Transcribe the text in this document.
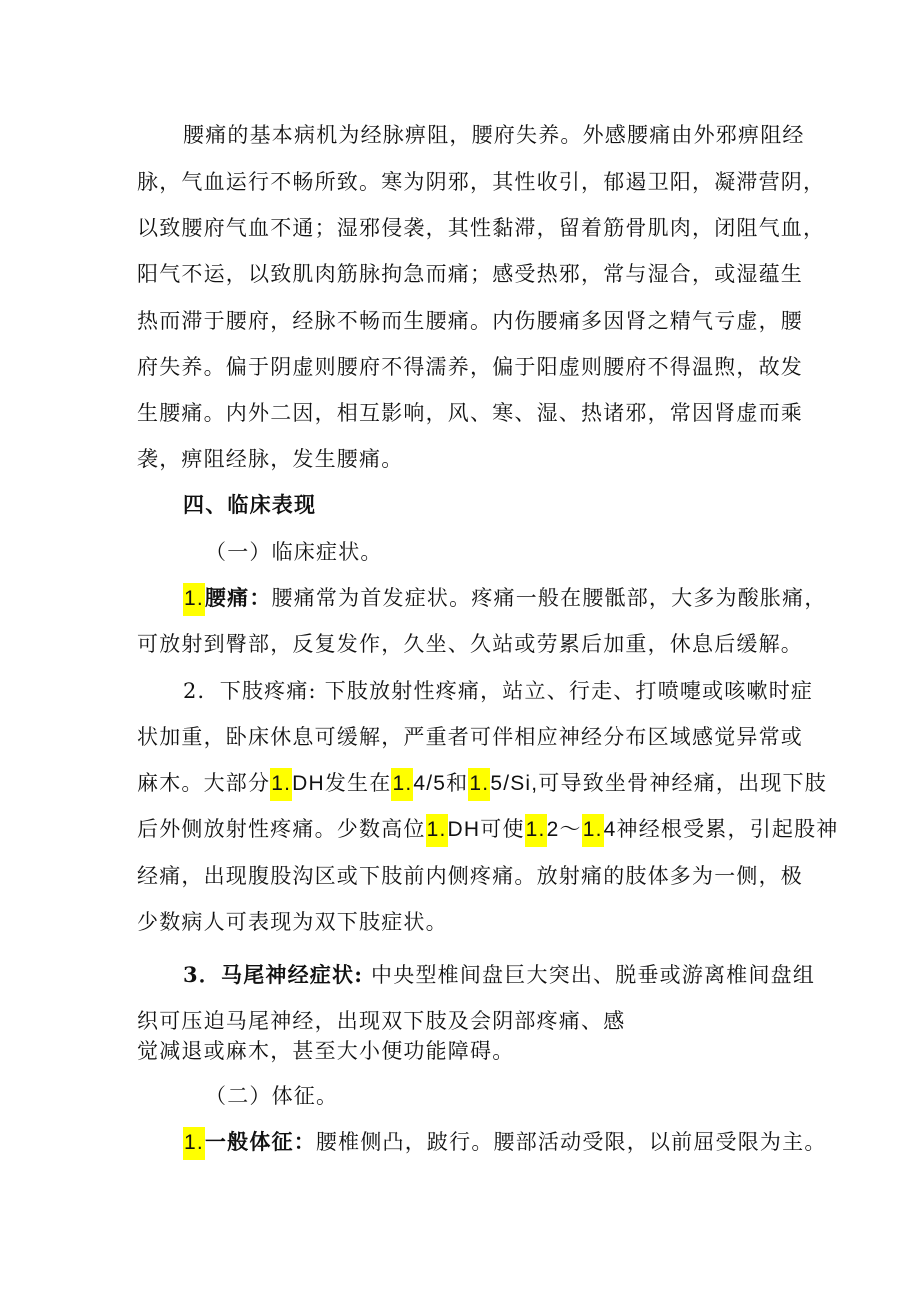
腰痛的基本病机为经脉痹阻，腰府失养。外感腰痛由外邪痹阻经
脉，气血运行不畅所致。寒为阴邪，其性收引，郁遏卫阳，凝滞营阴，
以致腰府气血不通；湿邪侵袭，其性黏滞，留着筋骨肌肉，闭阻气血，
阳气不运，以致肌肉筋脉拘急而痛；感受热邪，常与湿合，或湿蕴生
热而滞于腰府，经脉不畅而生腰痛。内伤腰痛多因肾之精气亏虚，腰
府失养。偏于阴虚则腰府不得濡养，偏于阳虚则腰府不得温煦，故发
生腰痛。内外二因，相互影响，风、寒、湿、热诸邪，常因肾虚而乘
袭，痹阻经脉，发生腰痛。
四、临床表现
（一）临床症状。
1.腰痛：腰痛常为首发症状。疼痛一般在腰骶部，大多为酸胀痛，
可放射到臀部，反复发作，久坐、久站或劳累后加重，休息后缓解。
2．下肢疼痛: 下肢放射性疼痛，站立、行走、打喷嚏或咳嗽时症
状加重，卧床休息可缓解，严重者可伴相应神经分布区域感觉异常或
麻木。大部分1.DH发生在1.4/5和1.5/Si,可导致坐骨神经痛，出现下肢
后外侧放射性疼痛。少数高位1.DH可使1.2〜1.4神经根受累，引起股神
经痛，出现腹股沟区或下肢前内侧疼痛。放射痛的肢体多为一侧，极
少数病人可表现为双下肢症状。
3．马尾神经症状: 中央型椎间盘巨大突出、脱垂或游离椎间盘组
织可压迫马尾神经，出现双下肢及会阴部疼痛、感
觉减退或麻木，甚至大小便功能障碍。
（二）体征。
1.一般体征：腰椎侧凸，跛行。腰部活动受限，以前屈受限为主。
